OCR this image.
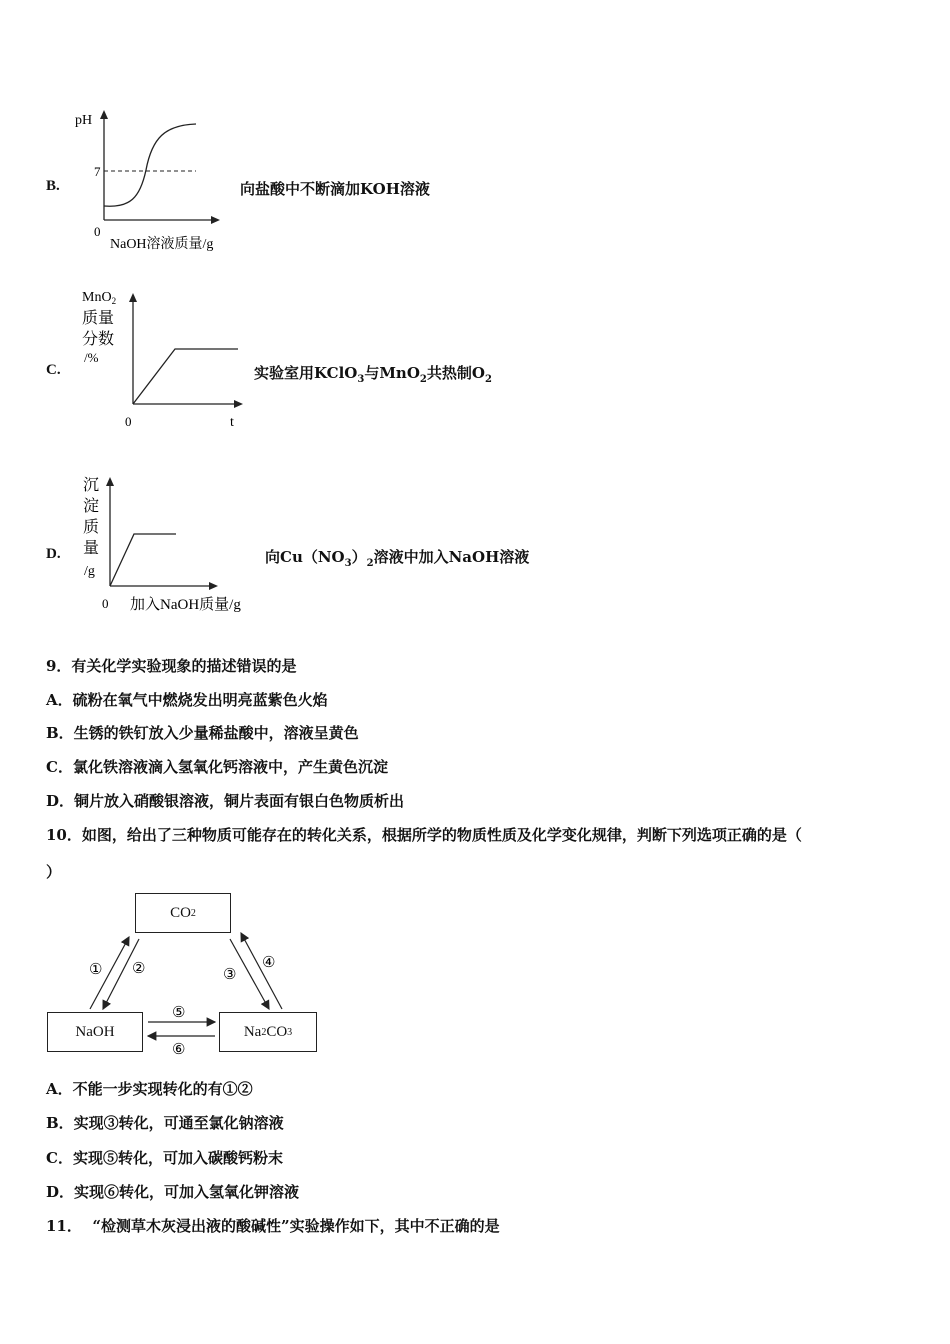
B.
pH
7
0
NaOH溶液质量/g
向盐酸中不断滴加KOH溶液
C.
MnO$_2$
质量
分数
/%
0	t
实验室用KClO$_3$与MnO$_2$共热制$O_2$
D.
沉
淀
质
量
/g
0 加入NaOH质量/g
向$Cu(NO_3)_2$溶液中加入NaOH溶液
9．有关化学实验现象的描述错误的是
A．硫粉在氧气中燃烧发出明亮蓝紫色火焰
B．生锈的铁钉放入少量稀盐酸中，溶液呈黄色
C．氯化铁溶液滴入氢氧化钙溶液中，产生黄色沉淀
D．铜片放入硝酸银溶液，铜片表面有银白色物质析出
10．如图，给出了三种物质可能存在的转化关系，根据所学的物质性质及化学变化规律，判断下列选项正确的是（
）
CO 2
NaOH	Na 2 CO 3
① ②	③
④
⑤
⑥
A．不能一步实现转化的有①②
B．实现③转化，可通至氯化钠溶液
C．实现⑤转化，可加入碳酸钙粉末
D．实现⑥转化，可加入氢氧化钾溶液
11．  “检测草木灰浸出液的酸碱性”实验操作如下，其中不正确的是
